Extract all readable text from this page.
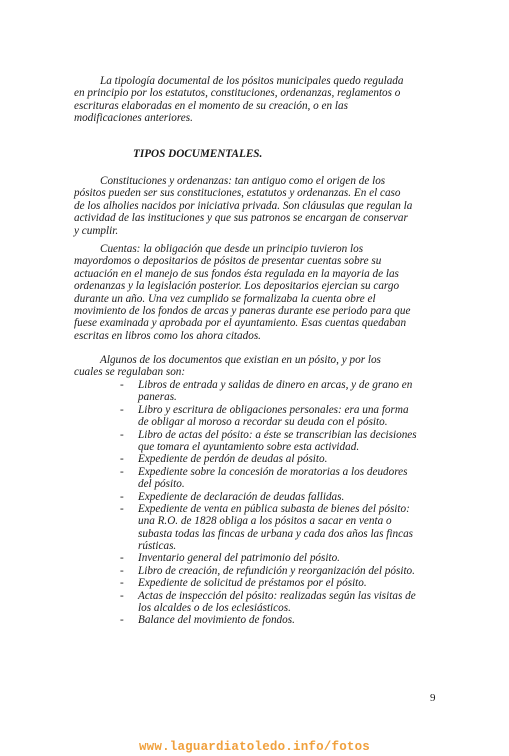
La tipología documental de los pósitos municipales quedo regulada
en principio por los estatutos, constituciones, ordenanzas, reglamentos o
escrituras elaboradas en el momento de su creación, o en las
modificaciones anteriores.
TIPOS DOCUMENTALES.
Constituciones y ordenanzas: tan antiguo como el origen de los
pósitos pueden ser sus constituciones, estatutos y ordenanzas. En el caso
de los alholies nacidos por iniciativa privada. Son cláusulas que regulan la
actividad de las instituciones y que sus patronos se encargan de conservar
y cumplir.
Cuentas: la obligación que desde un principio tuvieron los
mayordomos o depositarios de pósitos de presentar cuentas sobre su
actuación en el manejo de sus fondos ésta regulada en la mayoria de las
ordenanzas y la legislación posterior. Los depositarios ejercian su cargo
durante un año. Una vez cumplido se formalizaba la cuenta obre el
movimiento de los fondos de arcas y paneras durante ese periodo para que
fuese examinada y aprobada por el ayuntamiento. Esas cuentas quedaban
escritas en libros como los ahora citados.
Algunos de los documentos que existian en un pósito, y por los
cuales se regulaban son:
- Libros de entrada y salidas de dinero en arcas, y de grano en
paneras.
- Libro y escritura de obligaciones personales: era una forma
de obligar al moroso a recordar su deuda con el pósito.
- Libro de actas del pósito: a éste se transcribian las decisiones
que tomara el ayuntamiento sobre esta actividad.
- Expediente de perdón de deudas al pósito.
- Expediente sobre la concesión de moratorias a los deudores
del pósito.
- Expediente de declaración de deudas fallidas.
- Expediente de venta en pública subasta de bienes del pósito:
una R.O. de 1828 obliga a los pósitos a sacar en venta o
subasta todas las fincas de urbana y cada dos años las fincas
rústicas.
- Inventario general del patrimonio del pósito.
- Libro de creación, de refundición y reorganización del pósito.
- Expediente de solicitud de préstamos por el pósito.
- Actas de inspección del pósito: realizadas según las visitas de
los alcaldes o de los eclesiásticos.
- Balance del movimiento de fondos.
9
www.laguardiatoledo.info/fotos
